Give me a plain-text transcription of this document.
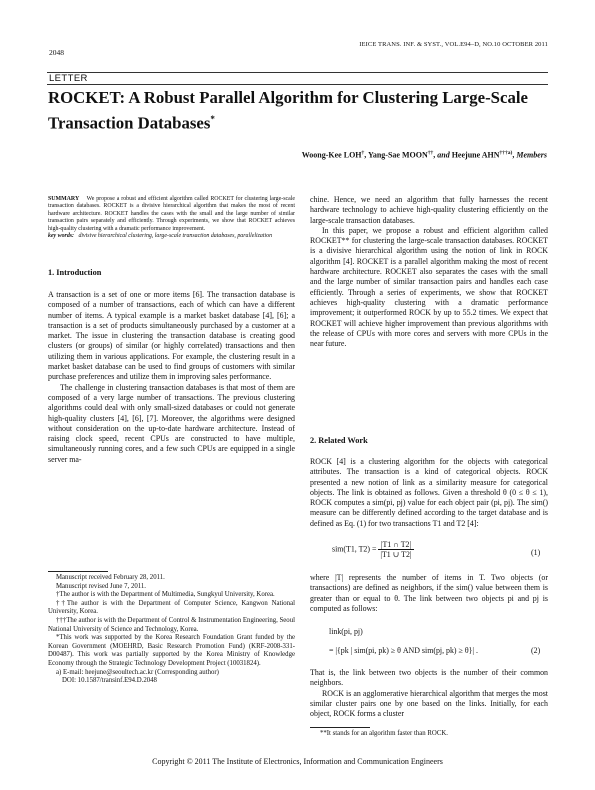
2048
IEICE TRANS. INF. & SYST., VOL.E94–D, NO.10 OCTOBER 2011
LETTER
ROCKET: A Robust Parallel Algorithm for Clustering Large-Scale Transaction Databases*
Woong-Kee LOH†, Yang-Sae MOON††, and Heejune AHN$^{\dagger\dagger\dagger a)}$, Members

SUMMARY We propose a robust and efficient algorithm called ROCKET for clustering large-scale transaction databases. ROCKET is a divisive hierarchical algorithm that makes the most of recent hardware architecture. ROCKET handles the cases with the small and the large number of similar transaction pairs separately and efficiently. Through experiments, we show that ROCKET achieves high-quality clustering with a dramatic performance improvement.

key words: divisive hierarchical clustering, large-scale transaction databases, parallelization

1. Introduction

A transaction is a set of one or more items [6]. The transaction database is composed of a number of transactions, each of which can have a different number of items. A typical example is a market basket database [4], [6]; a transaction is a set of products simultaneously purchased by a customer at a market. The issue in clustering the transaction database is creating good clusters (or groups) of similar (or highly correlated) transactions and then utilizing them in various applications. For example, the clustering result in a market basket database can be used to find groups of customers with similar purchase preferences and utilize them in improving sales performance.

The challenge in clustering transaction databases is that most of them are composed of a very large number of transactions. The previous clustering algorithms could deal with only small-sized databases or could not generate high-quality clusters [4], [6], [7]. Moreover, the algorithms were designed without consideration on the up-to-date hardware architecture. Instead of raising clock speed, recent CPUs are constructed to have multiple, simultaneously running cores, and a few such CPUs are equipped in a single server ma-

Manuscript received February 28, 2011.

Manuscript revised June 7, 2011.

†The author is with the Department of Multimedia, Sungkyul University, Korea.

††The author is with the Department of Computer Science, Kangwon National University, Korea.

†††The author is with the Department of Control & Instrumentation Engineering, Seoul National University of Science and Technology, Korea.

*This work was supported by the Korea Research Foundation Grant funded by the Korean Government (MOEHRD, Basic Research Promotion Fund) (KRF-2008-331-D00487). This work was partially supported by the Korea Ministry of Knowledge Economy through the Strategic Technology Development Project (10031824).

a) E-mail: heejune@seoultech.ac.kr (Corresponding author)

DOI: 10.1587/transinf.E94.D.2048

chine. Hence, we need an algorithm that fully harnesses the recent hardware technology to achieve high-quality clustering efficiently on the large-scale transaction databases.

In this paper, we propose a robust and efficient algorithm called ROCKET** for clustering the large-scale transaction databases. ROCKET is a divisive hierarchical algorithm using the notion of link in ROCK algorithm [4]. ROCKET is a parallel algorithm making the most of recent hardware architecture. ROCKET also separates the cases with the small and the large number of similar transaction pairs and handles each case efficiently. Through a series of experiments, we show that ROCKET achieves high-quality clustering with a dramatic performance improvement; it outperformed ROCK by up to 55.2 times. We expect that ROCKET will achieve higher improvement than previous algorithms with the release of CPUs with more cores and servers with more CPUs in the near future.

2. Related Work
ROCK [4] is a clustering algorithm for the objects with categorical attributes. The transaction is a kind of categorical objects. ROCK presented a new notion of link as a similarity measure for categorical objects. The link is obtained as follows. Given a threshold θ (0 ≤ θ ≤ 1), ROCK computes a sim(pi, pj) value for each object pair (pi, pj). The sim() measure can be differently defined according to the target database and is defined as Eq. (1) for two transactions T1 and T2 [4]:
sim(T1, $T2) = \frac{|T1 \cap T2|}{|T1 \cup T2|}$	(1)
where |T| represents the number of items in T. Two objects (or transactions) are defined as neighbors, if the sim() value between them is greater than or equal to θ. The link between two objects pi and pj is computed as follows:
link(pi, pj)
= |{pk | sim(pi, pk) ≥ θ AND sim(pj, pk) ≥ θ}| .	(2)

That is, the link between two objects is the number of their common neighbors.

ROCK is an agglomerative hierarchical algorithm that merges the most similar cluster pairs one by one based on the links. Initially, for each object, ROCK forms a cluster

**It stands for an algorithm faster than ROCK.
Copyright © 2011 The Institute of Electronics, Information and Communication Engineers
